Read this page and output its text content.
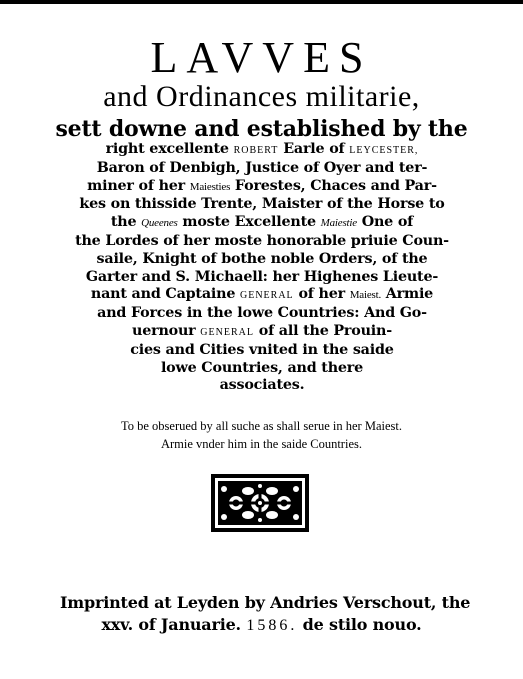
LAVVES
and Ordinances militarie,
sett downe and established by the
right excellente ROBERT Earle of LEYCESTER,
Baron of Denbigh, Justice of Oyer and ter-
miner of her Maiesties Forestes, Chaces and Par-
kes on thisside Trente, Maister of the Horse to
the Queenes moste Excellente Maiestie One of
the Lordes of her moste honorable priuie Coun-
saile, Knight of bothe noble Orders, of the
Garter and S. Michaell: her Highenes Lieute-
nant and Captaine GENERAL of her Maiest. Armie
and Forces in the lowe Countries: And Go-
uernour GENERAL of all the Prouin-
cies and Cities vnited in the saide
lowe Countries, and there
associates.
To be obserued by all suche as shall serue in her Maiest.
Armie vnder him in the saide Countries.
Imprinted at Leyden by Andries Verschout, the
xxv. of Januarie. 1586. de stilo nouo.
